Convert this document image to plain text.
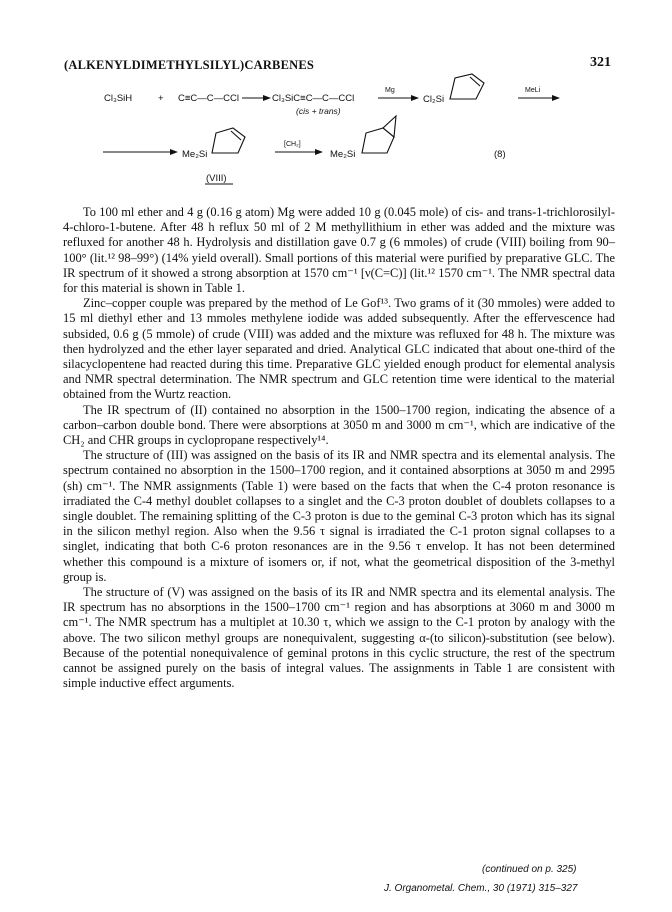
(ALKENYLDIMETHYLSILYL)CARBENES	321
Cl₃SiH	+ C≡C—C—CCl	Cl₃SiC≡C—C—CCl
(cis + trans)
Mg
Cl₂Si
MeLi
Me₂Si
(VIII)
[CH₂]
Me₂Si	(8)

To 100 ml ether and 4 g (0.16 g atom) Mg were added 10 g (0.045 mole) of cis- and trans-1-trichlorosilyl-4-chloro-1-butene. After 48 h reflux 50 ml of 2 M methyllithium in ether was added and the mixture was refluxed for another 48 h. Hydrolysis and distillation gave 0.7 g (6 mmoles) of crude (VIII) boiling from 90–100° (lit.¹² 98–99°) (14% yield overall). Small portions of this material were purified by preparative GLC. The IR spectrum of it showed a strong absorption at 1570 cm⁻¹ [ν(C=C)] (lit.¹² 1570 cm⁻¹. The NMR spectral data for this material is shown in Table 1.

Zinc–copper couple was prepared by the method of Le Gof¹³. Two grams of it (30 mmoles) were added to 15 ml diethyl ether and 13 mmoles methylene iodide was added subsequently. After the effervescence had subsided, 0.6 g (5 mmole) of crude (VIII) was added and the mixture was refluxed for 48 h. The mixture was then hydrolyzed and the ether layer separated and dried. Analytical GLC indicated that about one-third of the silacyclopentene had reacted during this time. Preparative GLC yielded enough product for elemental analysis and NMR spectral determination. The NMR spectrum and GLC retention time were identical to the material obtained from the Wurtz reaction.

The IR spectrum of (II) contained no absorption in the 1500–1700 region, indicating the absence of a carbon–carbon double bond. There were absorptions at 3050 m and 3000 m cm⁻¹, which are indicative of the CH₂ and CHR groups in cyclopropane respectively¹⁴.

The structure of (III) was assigned on the basis of its IR and NMR spectra and its elemental analysis. The spectrum contained no absorption in the 1500–1700 region, and it contained absorptions at 3050 m and 2995 (sh) cm⁻¹. The NMR assignments (Table 1) were based on the facts that when the C-4 proton resonance is irradiated the C-4 methyl doublet collapses to a singlet and the C-3 proton doublet of doublets collapses to a single doublet. The remaining splitting of the C-3 proton is due to the geminal C-3 proton which has its signal in the silicon methyl region. Also when the 9.56 τ signal is irradiated the C-1 proton signal collapses to a singlet, indicating that both C-6 proton resonances are in the 9.56 τ envelop. It has not been determined whether this compound is a mixture of isomers or, if not, what the geometrical disposition of the 3-methyl group is.

The structure of (V) was assigned on the basis of its IR and NMR spectra and its elemental analysis. The IR spectrum has no absorptions in the 1500–1700 cm⁻¹ region and has absorptions at 3060 m and 3000 m cm⁻¹. The NMR spectrum has a multiplet at 10.30 τ, which we assign to the C-1 proton by analogy with the above. The two silicon methyl groups are nonequivalent, suggesting α-(to silicon)-substitution (see below). Because of the potential nonequivalence of geminal protons in this cyclic structure, the rest of the spectrum cannot be assigned purely on the basis of integral values. The assignments in Table 1 are consistent with simple inductive effect arguments.

(continued on p. 325)
J. Organometal. Chem., 30 (1971) 315–327
